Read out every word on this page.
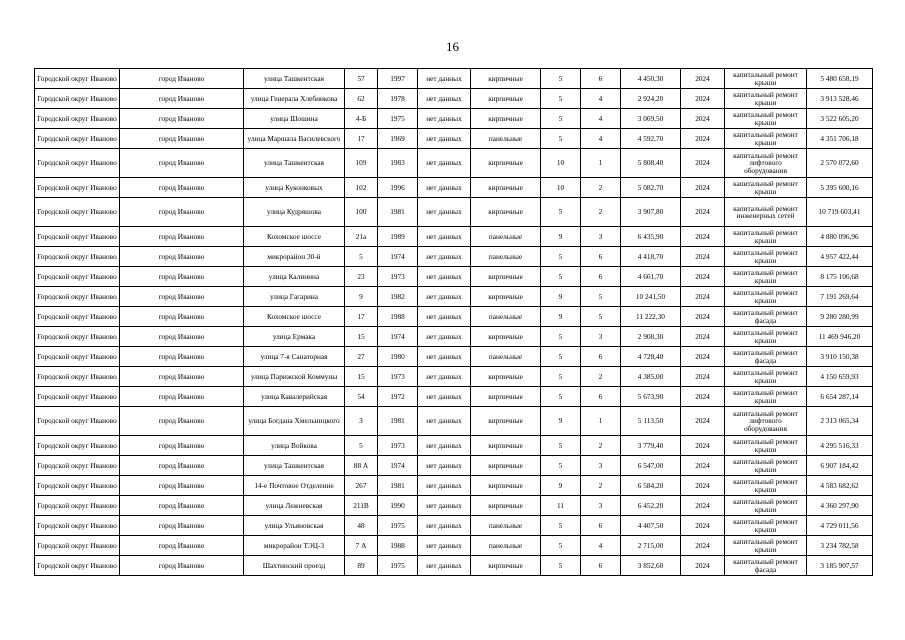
16
Городской округ Иваново	город Иваново	улица Ташкентская	57	1997	нет данных	кирпичные	5	6	4 450,30	2024	капитальный ремонт крыши	5 480 658,19
Городской округ Иваново	город Иваново	улица Генерала Хлебникова	62	1978	нет данных	кирпичные	5	4	2 924,20	2024	капитальный ремонт крыши	3 913 528,46
Городской округ Иваново	город Иваново	улица Шошина	4-Б	1975	нет данных	кирпичные	5	4	3 069,50	2024	капитальный ремонт крыши	3 522 605,20
Городской округ Иваново	город Иваново	улица Маршала Василевского	17	1969	нет данных	панельные	5	4	4 592,70	2024	капитальный ремонт крыши	4 351 706,18
Городской округ Иваново	город Иваново	улица Ташкентская	109	1983	нет данных	кирпичные	10	1	5 808,40	2024	капитальный ремонт лифтового оборудования	2 570 072,60
Городской округ Иваново	город Иваново	улица Куконковых	102	1996	нет данных	кирпичные	10	2	5 082,70	2024	капитальный ремонт крыши	5 395 600,16
Городской округ Иваново	город Иваново	улица Кудряшова	100	1981	нет данных	кирпичные	5	2	3 907,80	2024	капитальный ремонт инженерных сетей	10 719 603,41
Городской округ Иваново	город Иваново	Кохомское шоссе	21а	1989	нет данных	панельные	9	3	6 435,90	2024	капитальный ремонт крыши	4 880 096,96
Городской округ Иваново	город Иваново	микрорайон 30-й	5	1974	нет данных	панельные	5	6	4 418,70	2024	капитальный ремонт крыши	4 957 422,44
Городской округ Иваново	город Иваново	улица Калинина	23	1973	нет данных	кирпичные	5	6	4 661,70	2024	капитальный ремонт крыши	8 175 106,68
Городской округ Иваново	город Иваново	улица Гагарина	9	1982	нет данных	кирпичные	9	5	10 241,50	2024	капитальный ремонт крыши	7 191 269,64
Городской округ Иваново	город Иваново	Кохомское шоссе	17	1988	нет данных	панельные	9	5	11 222,30	2024	капитальный ремонт фасада	9 280 280,99
Городской округ Иваново	город Иваново	улица Ермака	15	1974	нет данных	кирпичные	5	3	2 908,30	2024	капитальный ремонт крыши	11 469 946,20
Городской округ Иваново	город Иваново	улица 7-я Санаторная	27	1980	нет данных	панельные	5	6	4 728,40	2024	капитальный ремонт фасада	3 910 150,38
Городской округ Иваново	город Иваново	улица Парижской Коммуны	15	1973	нет данных	кирпичные	5	2	4 385,00	2024	капитальный ремонт крыши	4 150 659,93
Городской округ Иваново	город Иваново	улица Кавалерийская	54	1972	нет данных	кирпичные	5	6	5 673,90	2024	капитальный ремонт крыши	6 654 287,14
Городской округ Иваново	город Иваново	улица Богдана Хмельницкого	3	1981	нет данных	кирпичные	9	1	5 113,50	2024	капитальный ремонт лифтового оборудования	2 313 065,34
Городской округ Иваново	город Иваново	улица Войкова	5	1973	нет данных	кирпичные	5	2	3 779,40	2024	капитальный ремонт крыши	4 295 516,33
Городской округ Иваново	город Иваново	улица Ташкентская	88 А	1974	нет данных	кирпичные	5	3	6 547,00	2024	капитальный ремонт крыши	6 907 184,42
Городской округ Иваново	город Иваново	14-е Почтовое Отделение	267	1981	нет данных	кирпичные	9	2	6 584,20	2024	капитальный ремонт крыши	4 583 682,62
Городской округ Иваново	город Иваново	улица Лежневская	211В	1990	нет данных	кирпичные	11	3	6 452,20	2024	капитальный ремонт крыши	4 360 297,90
Городской округ Иваново	город Иваново	улица Ульяновская	48	1975	нет данных	панельные	5	6	4 407,50	2024	капитальный ремонт крыши	4 729 011,56
Городской округ Иваново	город Иваново	микрорайон ТЭЦ-3	7 А	1988	нет данных	панельные	5	4	2 715,00	2024	капитальный ремонт крыши	3 234 782,58
Городской округ Иваново	город Иваново	Шахтинский проезд	89	1975	нет данных	кирпичные	5	6	3 852,60	2024	капитальный ремонт фасада	3 185 907,57
